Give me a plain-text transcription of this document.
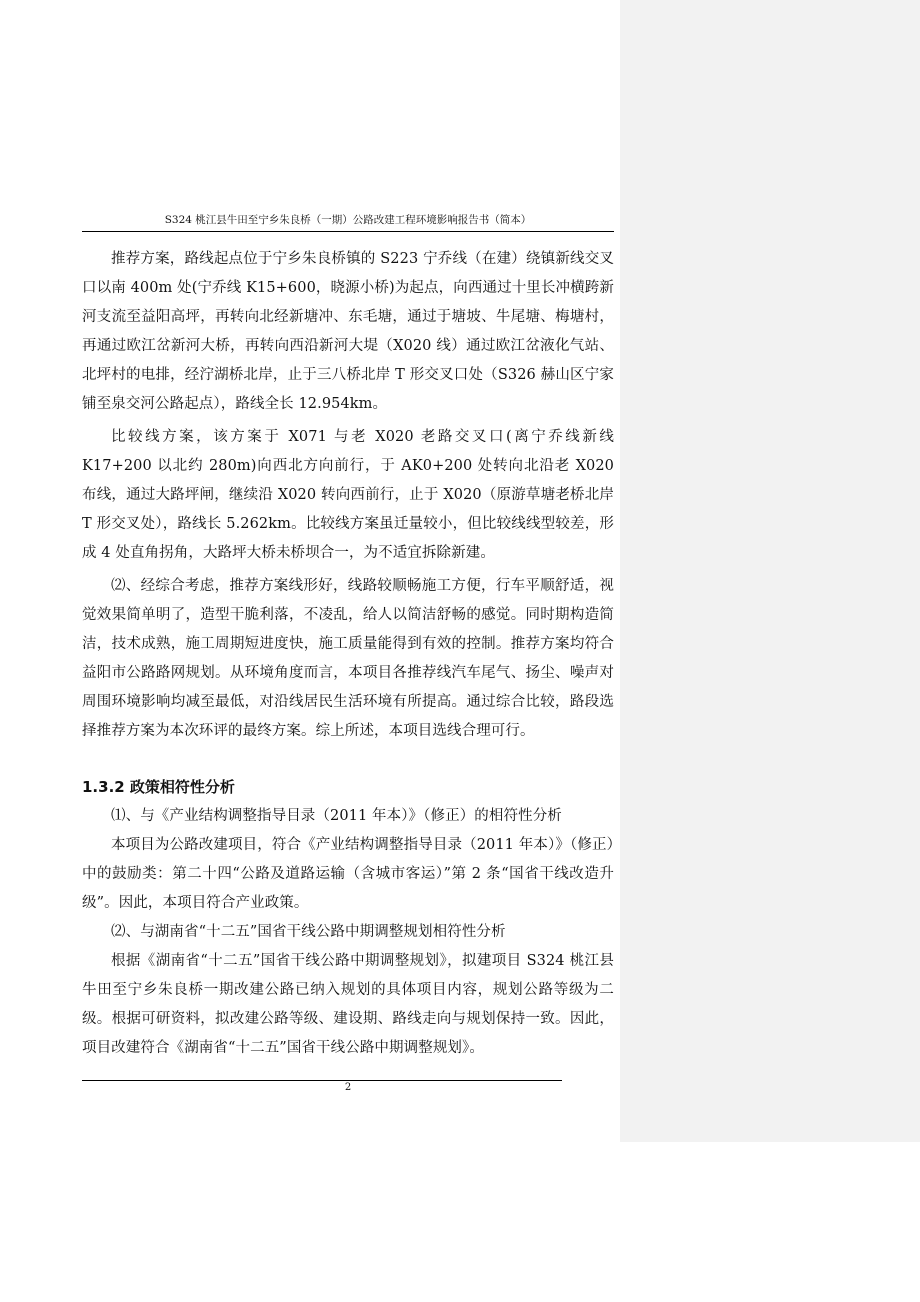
S324 桃江县牛田至宁乡朱良桥（一期）公路改建工程环境影响报告书（简本）

推荐方案，路线起点位于宁乡朱良桥镇的 S223 宁乔线（在建）绕镇新线交叉口以南 400m 处(宁乔线 K15+600，晓源小桥)为起点，向西通过十里长冲横跨新河支流至益阳高坪，再转向北经新塘冲、东毛塘，通过于塘坡、牛尾塘、梅塘村，再通过欧江岔新河大桥，再转向西沿新河大堤（X020 线）通过欧江岔液化气站、北坪村的电排，经泞湖桥北岸，止于三八桥北岸 T 形交叉口处（S326 赫山区宁家铺至泉交河公路起点），路线全长 12.954km。

比较线方案，该方案于 X071 与老 X020 老路交叉口(离宁乔线新线 K17+200 以北约 280m)向西北方向前行，于 AK0+200 处转向北沿老 X020 布线，通过大路坪闸，继续沿 X020 转向西前行，止于 X020（原游草塘老桥北岸 T 形交叉处），路线长 5.262km。比较线方案虽迁量较小，但比较线线型较差，形成 4 处直角拐角，大路坪大桥未桥坝合一，为不适宜拆除新建。

⑵、经综合考虑，推荐方案线形好，线路较顺畅施工方便，行车平顺舒适，视觉效果简单明了，造型干脆利落，不凌乱，给人以简洁舒畅的感觉。同时期构造简洁，技术成熟，施工周期短进度快，施工质量能得到有效的控制。推荐方案均符合益阳市公路路网规划。从环境角度而言，本项目各推荐线汽车尾气、扬尘、噪声对周围环境影响均减至最低，对沿线居民生活环境有所提高。通过综合比较，路段选择推荐方案为本次环评的最终方案。综上所述，本项目选线合理可行。

1.3.2 政策相符性分析

⑴、与《产业结构调整指导目录（2011 年本）》（修正）的相符性分析

本项目为公路改建项目，符合《产业结构调整指导目录（2011 年本）》（修正）中的鼓励类：第二十四“公路及道路运输（含城市客运）”第 2 条“国省干线改造升级”。因此，本项目符合产业政策。

⑵、与湖南省“十二五”国省干线公路中期调整规划相符性分析

根据《湖南省“十二五”国省干线公路中期调整规划》，拟建项目 S324 桃江县牛田至宁乡朱良桥一期改建公路已纳入规划的具体项目内容，规划公路等级为二级。根据可研资料，拟改建公路等级、建设期、路线走向与规划保持一致。因此，项目改建符合《湖南省“十二五”国省干线公路中期调整规划》。

2
